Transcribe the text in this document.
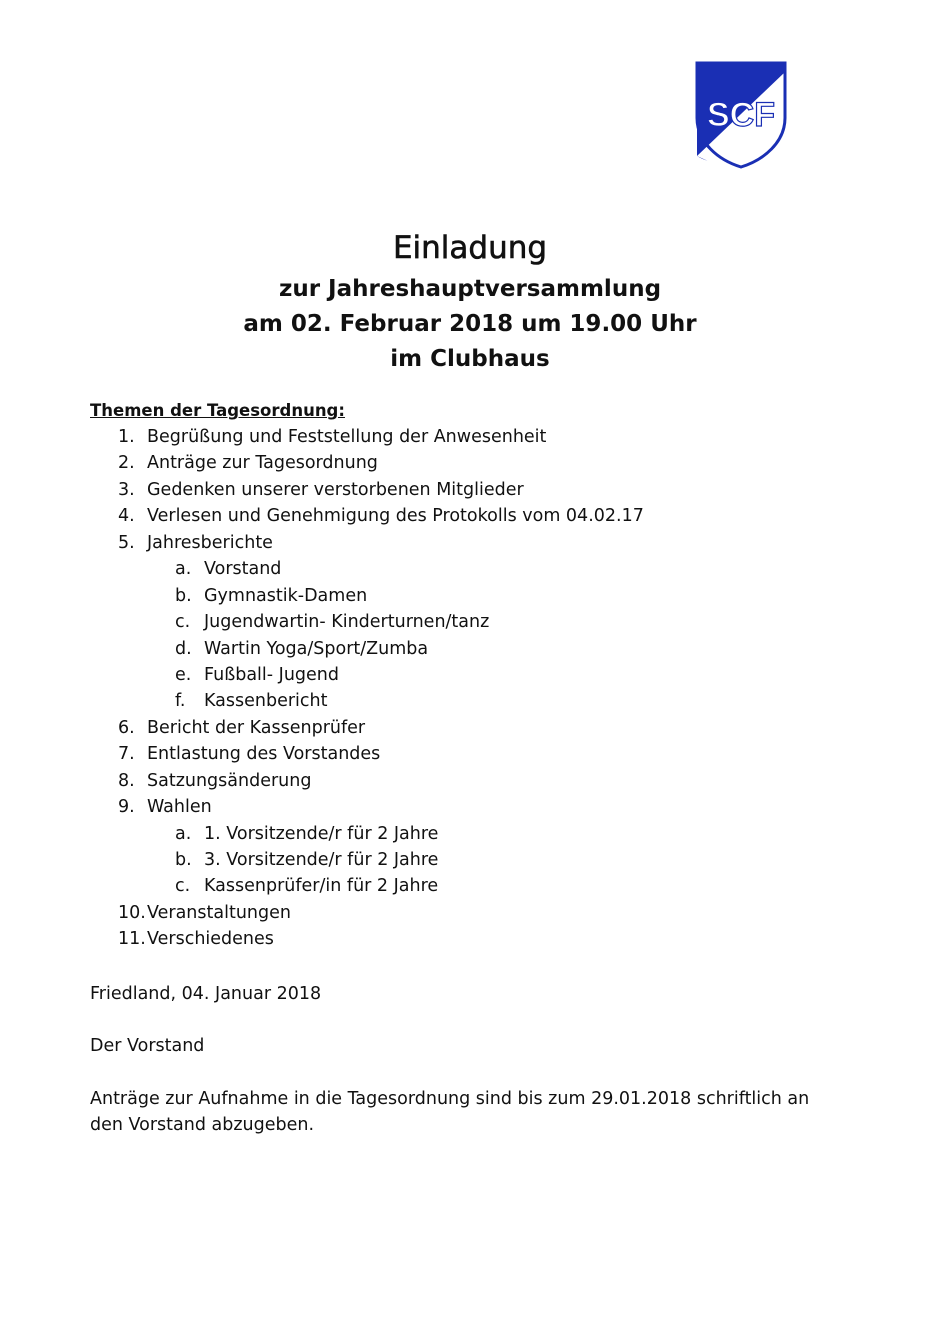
SCF
Einladung
zur Jahreshauptversammlung
am 02. Februar 2018 um 19.00 Uhr
im Clubhaus

Themen der Tagesordnung:

1. Begrüßung und Feststellung der Anwesenheit
2. Anträge zur Tagesordnung
3. Gedenken unserer verstorbenen Mitglieder
4. Verlesen und Genehmigung des Protokolls vom 04.02.17
5. Jahresberichte
a. Vorstand
b. Gymnastik-Damen
c. Jugendwartin- Kinderturnen/tanz
d. Wartin Yoga/Sport/Zumba
e. Fußball- Jugend
f. Kassenbericht
6. Bericht der Kassenprüfer
7. Entlastung des Vorstandes
8. Satzungsänderung
9. Wahlen
a. 1. Vorsitzende/r für 2 Jahre
b. 3. Vorsitzende/r für 2 Jahre
c. Kassenprüfer/in für 2 Jahre
10. Veranstaltungen
11. Verschiedenes

Friedland, 04. Januar 2018

Der Vorstand

Anträge zur Aufnahme in die Tagesordnung sind bis zum 29.01.2018 schriftlich an

den Vorstand abzugeben.
